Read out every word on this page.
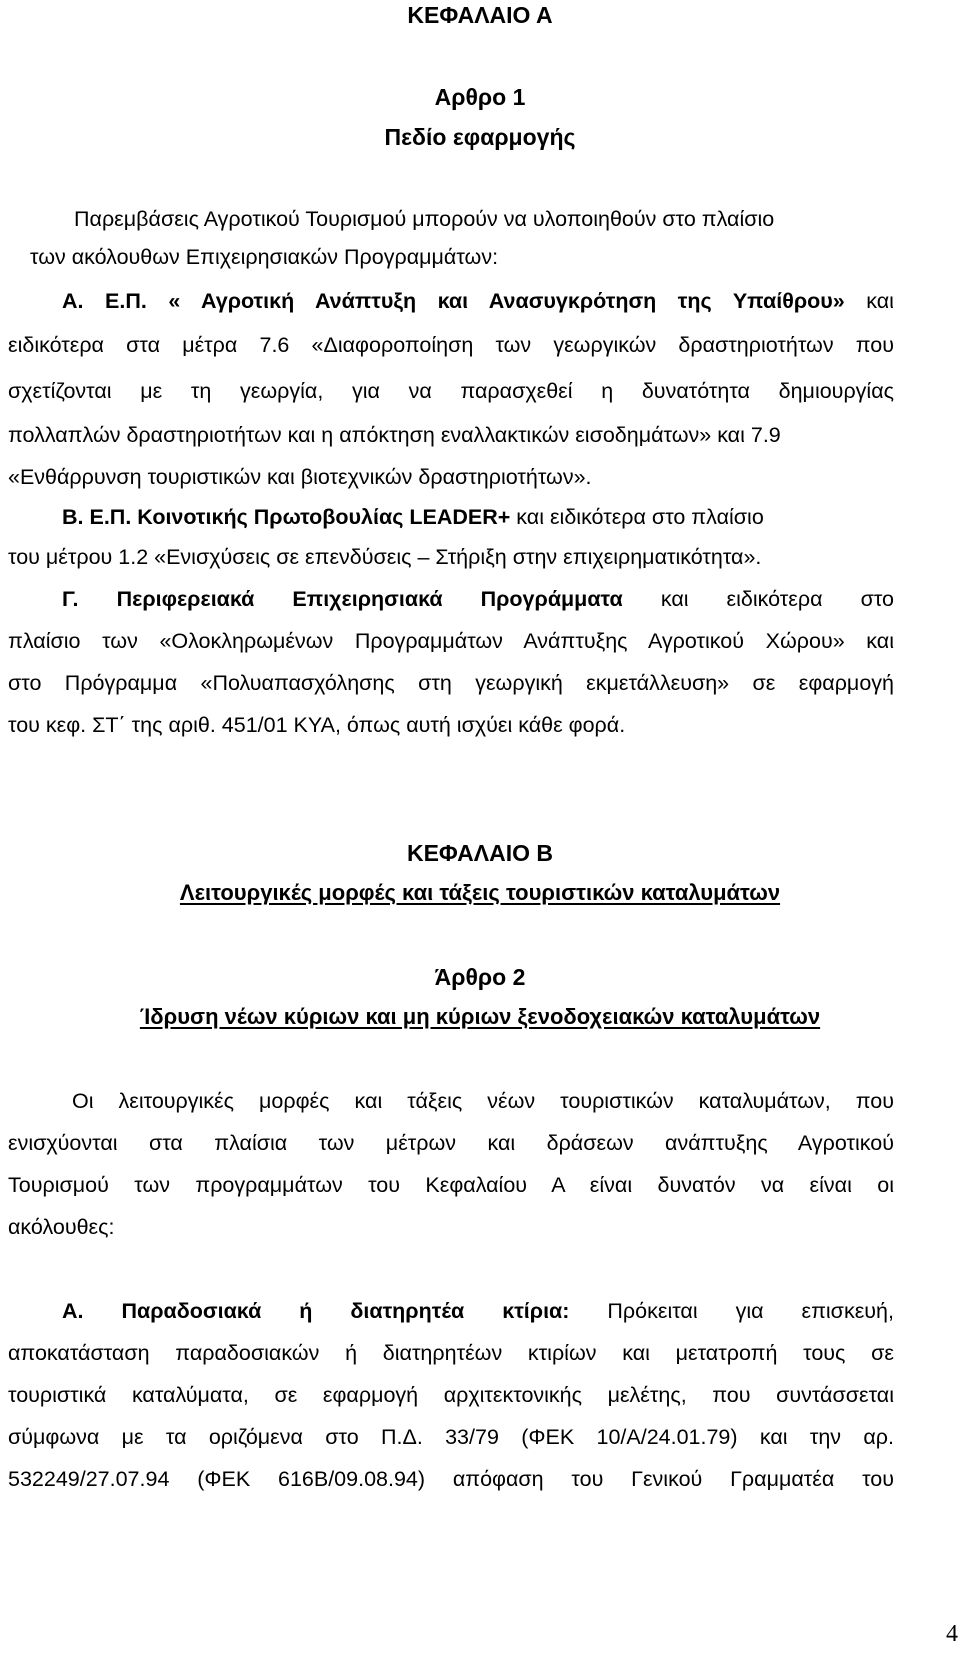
ΚΕΦΑΛΑΙΟ Α
Αρθρο 1
Πεδίο εφαρμογής
Παρεμβάσεις Αγροτικού Τουρισμού μπορούν να υλοποιηθούν στο πλαίσιο
των ακόλουθων Επιχειρησιακών Προγραμμάτων:
Α. Ε.Π. « Αγροτική Ανάπτυξη και Ανασυγκρότηση της Υπαίθρου» και
ειδικότερα στα μέτρα 7.6 «Διαφοροποίηση των γεωργικών δραστηριοτήτων που
σχετίζονται με τη γεωργία, για να παρασχεθεί η δυνατότητα δημιουργίας
πολλαπλών δραστηριοτήτων και η απόκτηση εναλλακτικών εισοδημάτων» και 7.9
«Ενθάρρυνση τουριστικών και βιοτεχνικών δραστηριοτήτων».
Β. Ε.Π. Κοινοτικής Πρωτοβουλίας LEADER+ και ειδικότερα στο πλαίσιο
του μέτρου 1.2 «Ενισχύσεις σε επενδύσεις – Στήριξη στην επιχειρηματικότητα».
Γ. Περιφερειακά Επιχειρησιακά Προγράμματα και ειδικότερα στο
πλαίσιο των «Ολοκληρωμένων Προγραμμάτων Ανάπτυξης Αγροτικού Χώρου» και
στο Πρόγραμμα «Πολυαπασχόλησης στη γεωργική εκμετάλλευση» σε εφαρμογή
του κεφ. ΣΤ΄ της αριθ. 451/01 ΚΥΑ, όπως αυτή ισχύει κάθε φορά.
ΚΕΦΑΛΑΙΟ Β
Λειτουργικές μορφές και τάξεις τουριστικών καταλυμάτων
Άρθρο 2
Ίδρυση νέων κύριων και μη κύριων ξενοδοχειακών καταλυμάτων
Οι λειτουργικές μορφές και τάξεις νέων τουριστικών καταλυμάτων, που
ενισχύονται στα πλαίσια των μέτρων και δράσεων ανάπτυξης Αγροτικού
Τουρισμού των προγραμμάτων του Κεφαλαίου Α είναι δυνατόν να είναι οι
ακόλουθες:
Α. Παραδοσιακά ή διατηρητέα κτίρια: Πρόκειται για επισκευή,
αποκατάσταση παραδοσιακών ή διατηρητέων κτιρίων και μετατροπή τους σε
τουριστικά καταλύματα, σε εφαρμογή αρχιτεκτονικής μελέτης, που συντάσσεται
σύμφωνα με τα οριζόμενα στο Π.Δ. 33/79 (ΦΕΚ 10/Α/24.01.79) και την αρ.
532249/27.07.94 (ΦΕΚ 616Β/09.08.94) απόφαση του Γενικού Γραμματέα του
4
